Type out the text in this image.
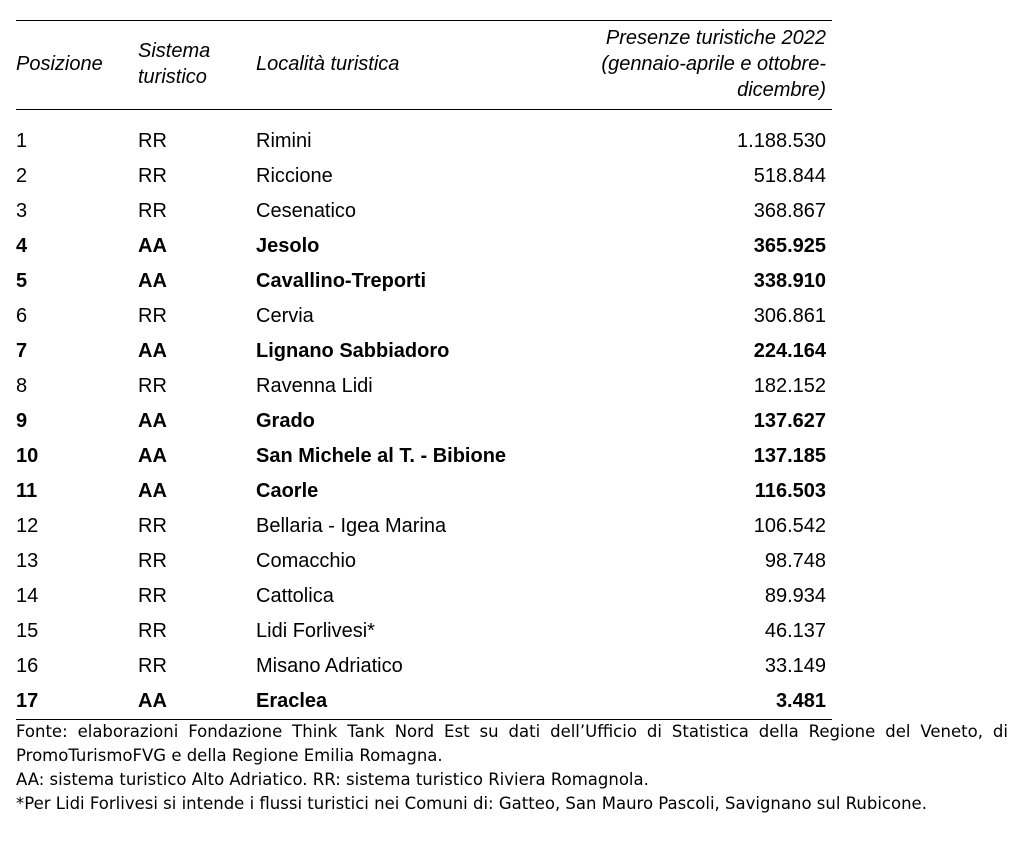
Posizione	Sistema turistico	Località turistica	Presenze turistiche 2022 (gennaio-aprile e ottobre-dicembre)
1	RR	Rimini	1.188.530
2	RR	Riccione	518.844
3	RR	Cesenatico	368.867
4	AA	Jesolo	365.925
5	AA	Cavallino-Treporti	338.910
6	RR	Cervia	306.861
7	AA	Lignano Sabbiadoro	224.164
8	RR	Ravenna Lidi	182.152
9	AA	Grado	137.627
10	AA	San Michele al T. - Bibione	137.185
11	AA	Caorle	116.503
12	RR	Bellaria - Igea Marina	106.542
13	RR	Comacchio	98.748
14	RR	Cattolica	89.934
15	RR	Lidi Forlivesi*	46.137
16	RR	Misano Adriatico	33.149
17	AA	Eraclea	3.481

Fonte: elaborazioni Fondazione Think Tank Nord Est su dati dell’Ufficio di Statistica della Regione del Veneto, di PromoTurismoFVG e della Regione Emilia Romagna.

AA: sistema turistico Alto Adriatico. RR: sistema turistico Riviera Romagnola.

*Per Lidi Forlivesi si intende i flussi turistici nei Comuni di: Gatteo, San Mauro Pascoli, Savignano sul Rubicone.
